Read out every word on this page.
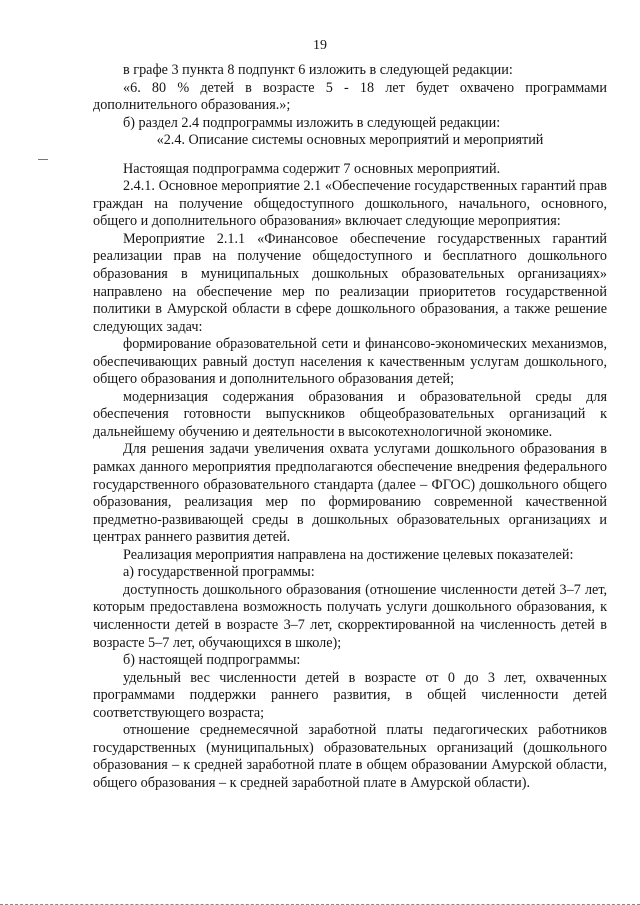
19

в графе 3 пункта 8 подпункт 6 изложить в следующей редакции:

«6. 80 % детей в возрасте 5 - 18 лет будет охвачено программами дополнительного образования.»;

б) раздел 2.4 подпрограммы изложить в следующей редакции:

«2.4. Описание системы основных мероприятий и мероприятий

Настоящая подпрограмма содержит 7 основных мероприятий.

2.4.1. Основное мероприятие 2.1 «Обеспечение государственных гарантий прав граждан на получение общедоступного дошкольного, начального, основного, общего и дополнительного образования» включает следующие мероприятия:

Мероприятие 2.1.1 «Финансовое обеспечение государственных гарантий реализации прав на получение общедоступного и бесплатного дошкольного образования в муниципальных дошкольных образовательных организациях» направлено на обеспечение мер по реализации приоритетов государственной политики в Амурской области в сфере дошкольного образования, а также решение следующих задач:

формирование образовательной сети и финансово-экономических механизмов, обеспечивающих равный доступ населения к качественным услугам дошкольного, общего образования и дополнительного образования детей;

модернизация содержания образования и образовательной среды для обеспечения готовности выпускников общеобразовательных организаций к дальнейшему обучению и деятельности в высокотехнологичной экономике.

Для решения задачи увеличения охвата услугами дошкольного образования в рамках данного мероприятия предполагаются обеспечение внедрения федерального государственного образовательного стандарта (далее – ФГОС) дошкольного общего образования, реализация мер по формированию современной качественной предметно-развивающей среды в дошкольных образовательных организациях и центрах раннего развития детей.

Реализация мероприятия направлена на достижение целевых показателей:

а) государственной программы:

доступность дошкольного образования (отношение численности детей 3–7 лет, которым предоставлена возможность получать услуги дошкольного образования, к численности детей в возрасте 3–7 лет, скорректированной на численность детей в возрасте 5–7 лет, обучающихся в школе);

б) настоящей подпрограммы:

удельный вес численности детей в возрасте от 0 до 3 лет, охваченных программами поддержки раннего развития, в общей численности детей соответствующего возраста;

отношение среднемесячной заработной платы педагогических работников государственных (муниципальных) образовательных организаций (дошкольного образования – к средней заработной плате в общем образовании Амурской области, общего образования – к средней заработной плате в Амурской области).
